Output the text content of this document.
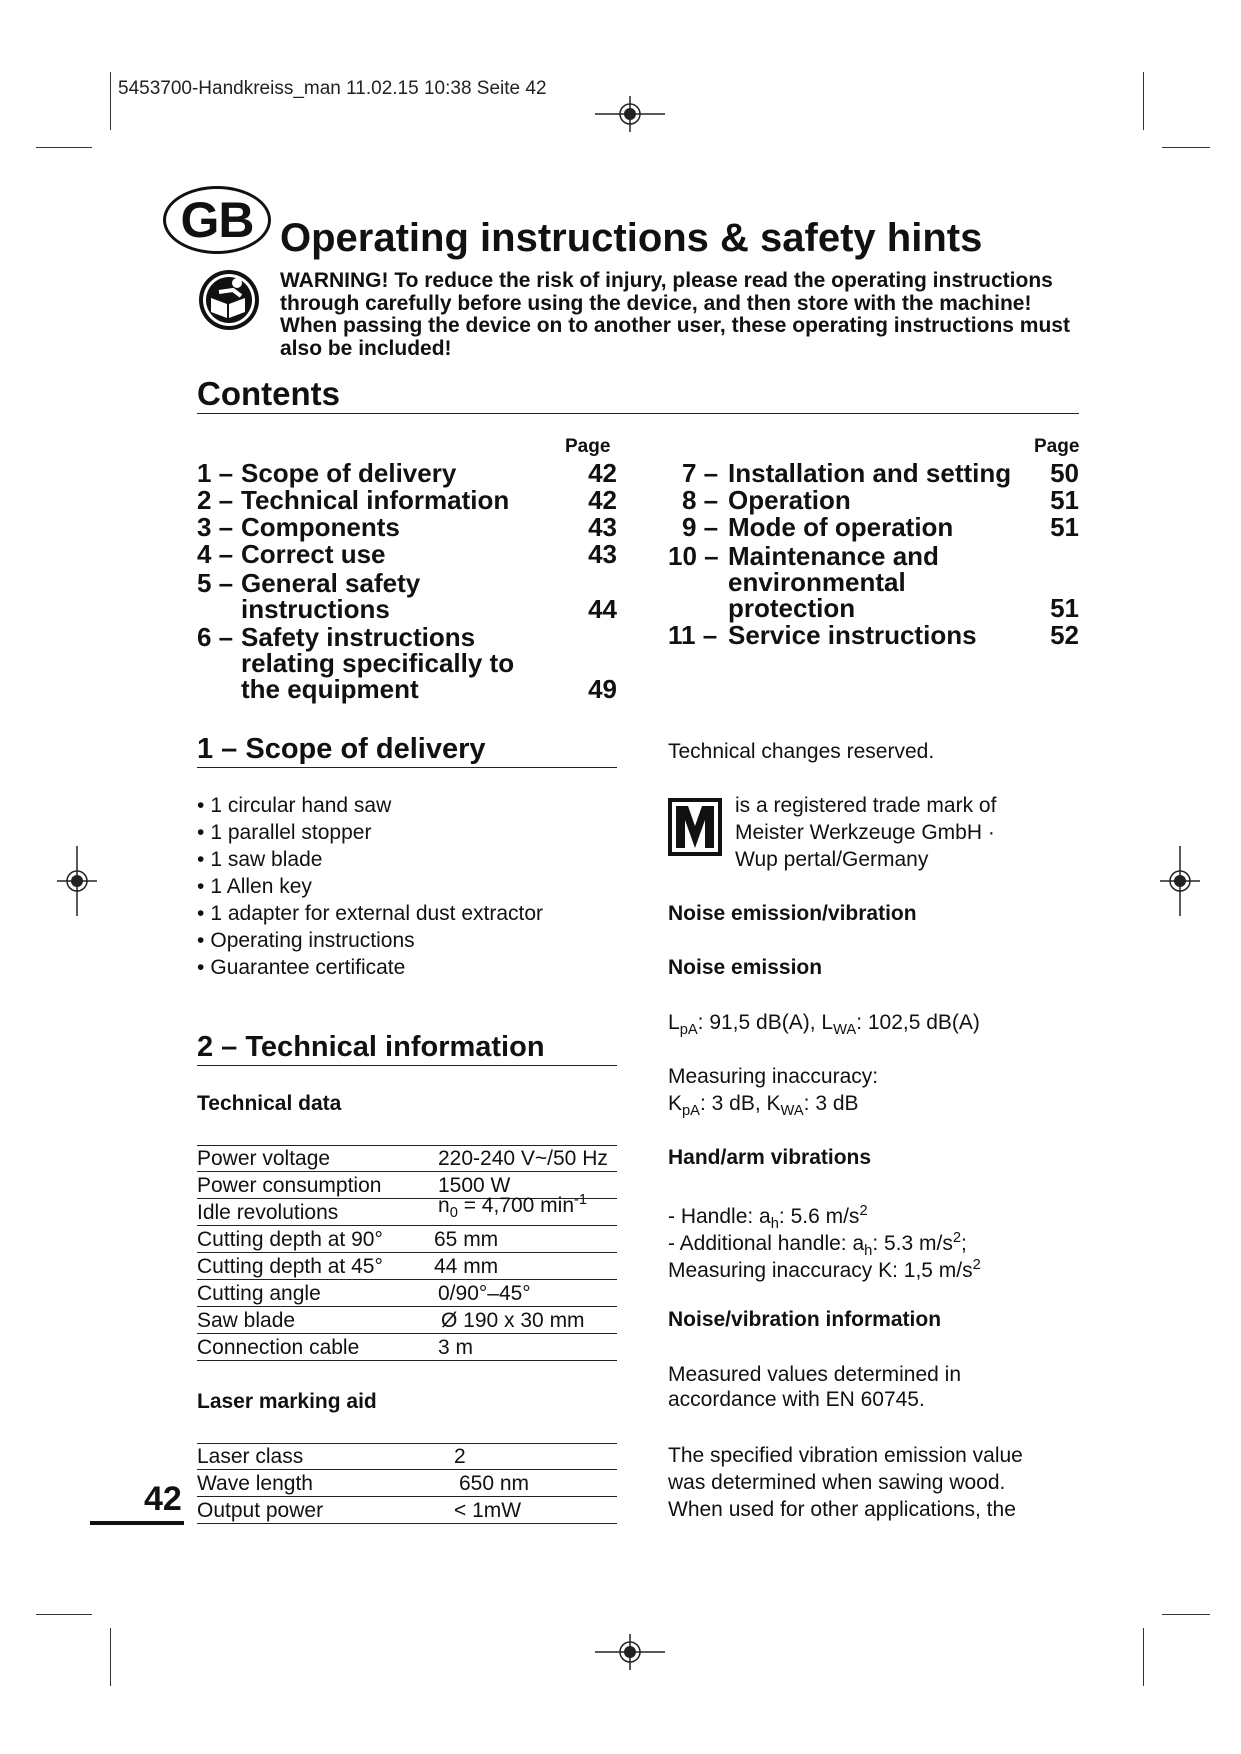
5453700-Handkreiss_man 11.02.15 10:38 Seite 42
GB Operating instructions & safety hints
WARNING! To reduce the risk of injury, please read the operating instructions through carefully before using the device, and then store with the machine! When passing the device on to another user, these operating instructions must also be included!
Contents
Page	Page
1 – Scope of delivery	42
2 – Technical information	42
3 – Components	43
4 – Correct use	43
5 – General safety instructions	44
6 – Safety instructions relating specifically to the equipment	49
7 – Installation and setting	50
8 – Operation	51
9 – Mode of operation	51
10 – Maintenance and environmental protection	51
11 – Service instructions	52
1 – Scope of delivery
• 1 circular hand saw
• 1 parallel stopper
• 1 saw blade
• 1 Allen key
• 1 adapter for external dust extractor
• Operating instructions
• Guarantee certificate
2 – Technical information
Technical data
Power voltage	220-240 V~/50 Hz
Power consumption	1500 W
Idle revolutions	$n_0 = 4,700$ $\min^{-1}$
Cutting depth at 90° 65 mm
Cutting depth at 45° 44 mm
Cutting angle	0/90°–45°
Saw blade	Ø 190 x 30 mm
Connection cable	3 m
Laser marking aid
Laser class	2
Wave length	650 nm
Output power	< 1mW
Technical changes reserved.
is a registered trade mark of
Meister Werkzeuge GmbH ·
Wup pertal/Germany
Noise emission/vibration
Noise emission
$L_{pA}$: 91,5 dB(A), $L_{WA}$: 102,5 dB(A)
Measuring inaccuracy:
$K_{pA}$: 3 dB, $K_{WA}$: 3 dB
Hand/arm vibrations
- Handle: $a_h$: 5.6 $m/s^2$
- Additional handle: $a_h$: 5.3 $m/s^2$;
Measuring inaccuracy K: 1,5 $m/s^2$
Noise/vibration information
Measured values determined in
accordance with EN 60745.
The specified vibration emission value
was determined when sawing wood.
When used for other applications, the
42
